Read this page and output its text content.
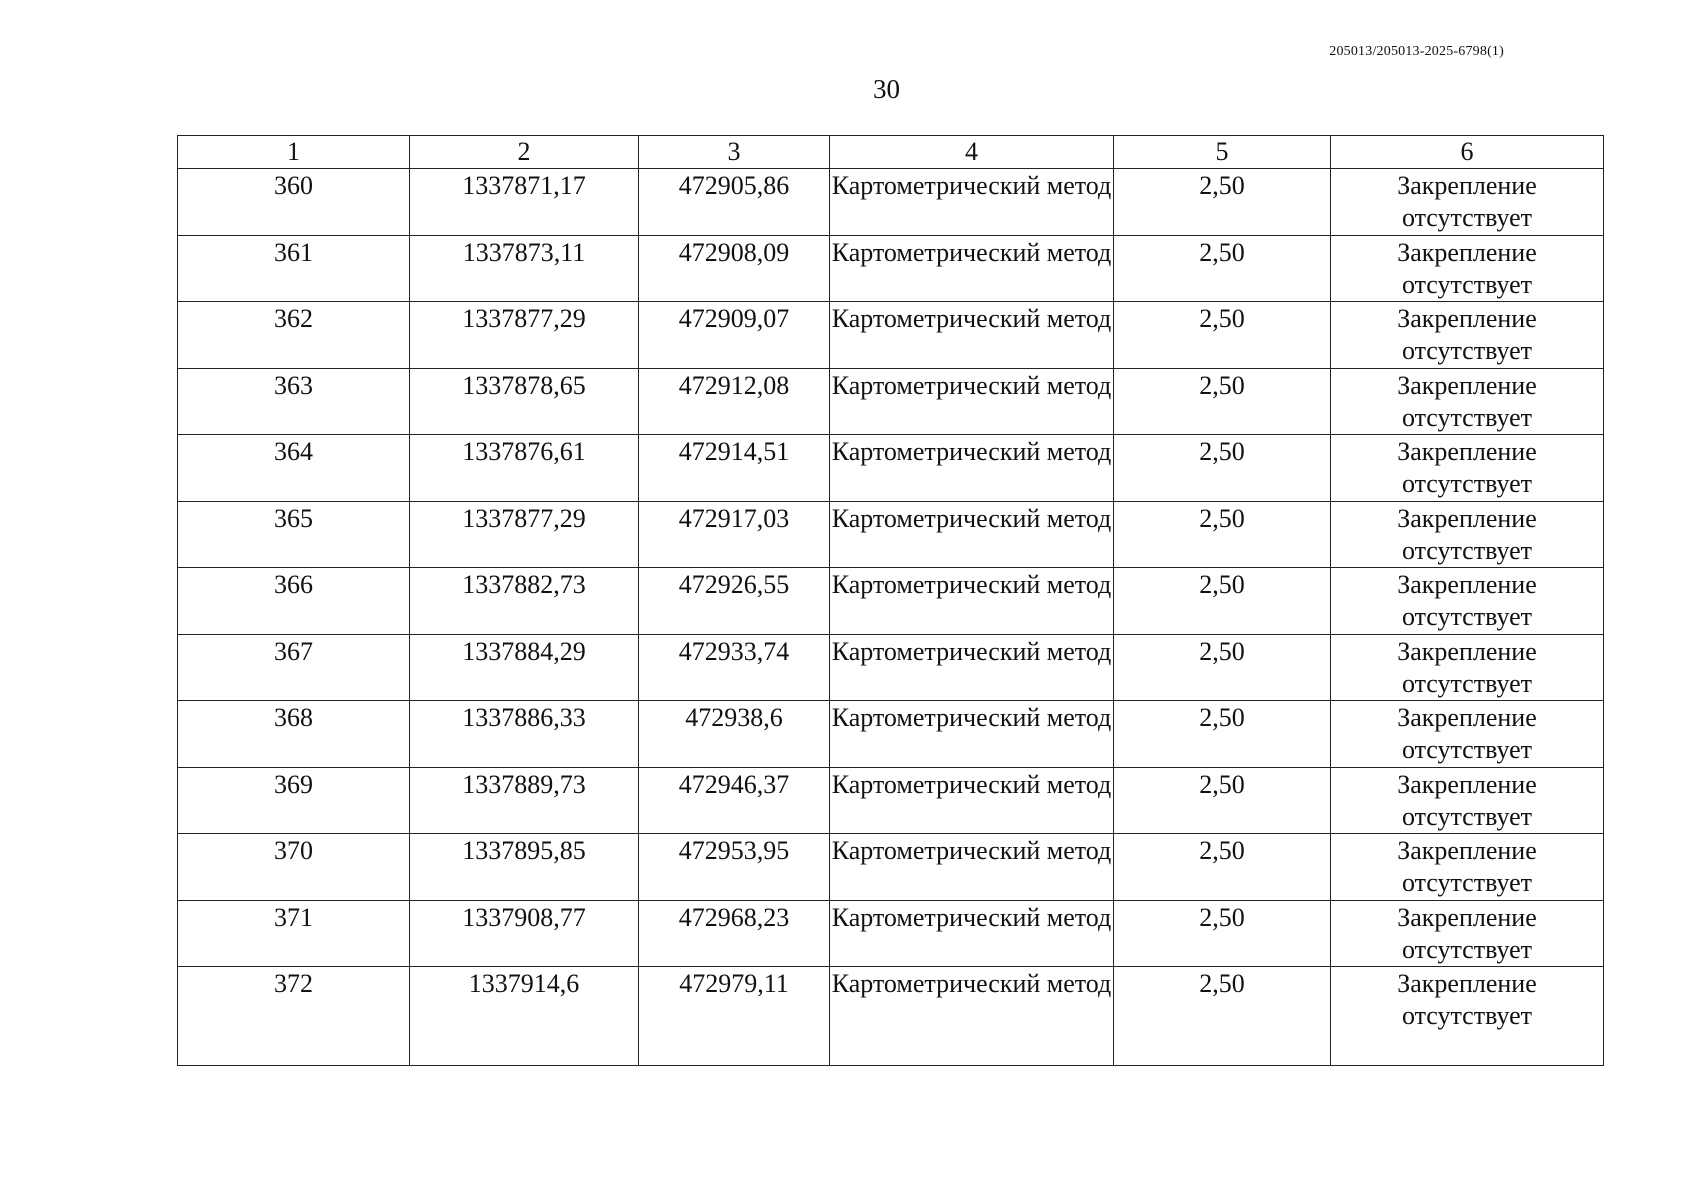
205013/205013-2025-6798(1)
30
1	2	3	4	5	6

360	1337871,17	472905,86	Картометрический метод	2,50	Закрепление отсутствует

361	1337873,11	472908,09	Картометрический метод	2,50	Закрепление отсутствует

362	1337877,29	472909,07	Картометрический метод	2,50	Закрепление отсутствует

363	1337878,65	472912,08	Картометрический метод	2,50	Закрепление отсутствует

364	1337876,61	472914,51	Картометрический метод	2,50	Закрепление отсутствует

365	1337877,29	472917,03	Картометрический метод	2,50	Закрепление отсутствует

366	1337882,73	472926,55	Картометрический метод	2,50	Закрепление отсутствует

367	1337884,29	472933,74	Картометрический метод	2,50	Закрепление отсутствует

368	1337886,33	472938,6	Картометрический метод	2,50	Закрепление отсутствует

369	1337889,73	472946,37	Картометрический метод	2,50	Закрепление отсутствует

370	1337895,85	472953,95	Картометрический метод	2,50	Закрепление отсутствует

371	1337908,77	472968,23	Картометрический метод	2,50	Закрепление отсутствует

372	1337914,6	472979,11	Картометрический метод	2,50	Закрепление отсутствует
